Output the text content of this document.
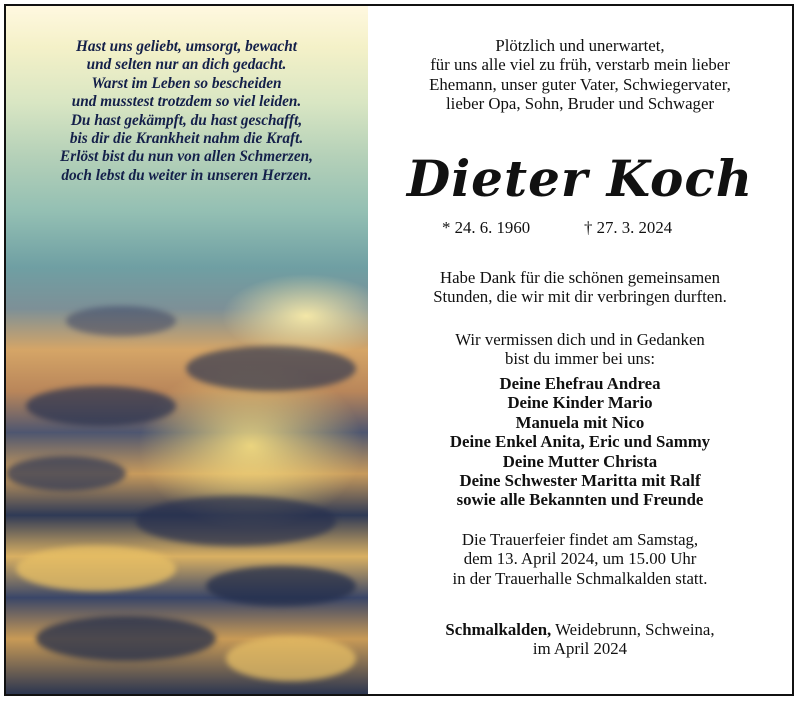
Hast uns geliebt, umsorgt, bewacht
und selten nur an dich gedacht.
Warst im Leben so bescheiden
und musstest trotzdem so viel leiden.
Du hast gekämpft, du hast geschafft,
bis dir die Krankheit nahm die Kraft.
Erlöst bist du nun von allen Schmerzen,
doch lebst du weiter in unseren Herzen.
Plötzlich und unerwartet,
für uns alle viel zu früh, verstarb mein lieber
Ehemann, unser guter Vater, Schwiegervater,
lieber Opa, Sohn, Bruder und Schwager
Dieter Koch
* 24. 6. 1960	† 27. 3. 2024
Habe Dank für die schönen gemeinsamen
Stunden, die wir mit dir verbringen durften.
Wir vermissen dich und in Gedanken
bist du immer bei uns:
Deine Ehefrau Andrea
Deine Kinder Mario
Manuela mit Nico
Deine Enkel Anita, Eric und Sammy
Deine Mutter Christa
Deine Schwester Maritta mit Ralf
sowie alle Bekannten und Freunde
Die Trauerfeier findet am Samstag,
dem 13. April 2024, um 15.00 Uhr
in der Trauerhalle Schmalkalden statt.
Schmalkalden, Weidebrunn, Schweina,
im April 2024
